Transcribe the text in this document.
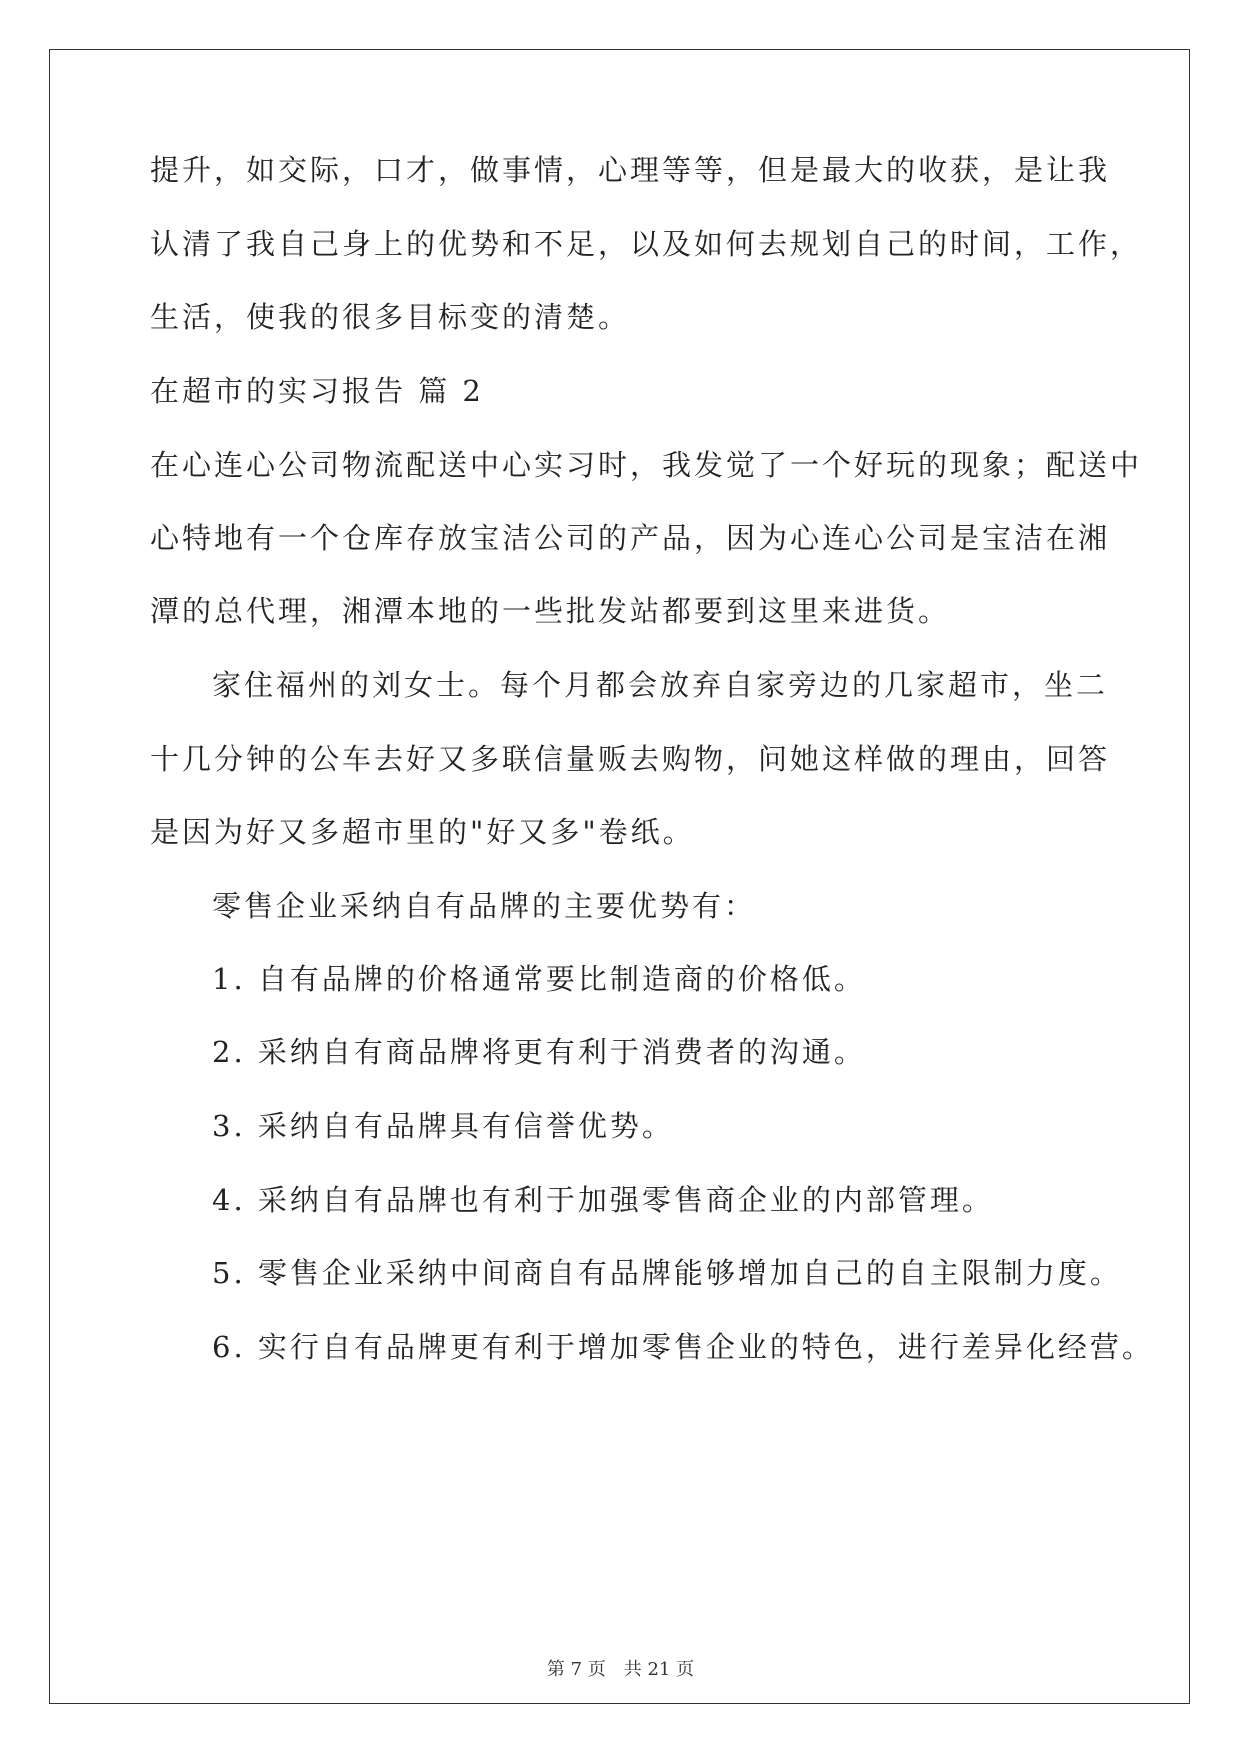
提升，如交际，口才，做事情，心理等等，但是最大的收获，是让我
认清了我自己身上的优势和不足，以及如何去规划自己的时间，工作，
生活，使我的很多目标变的清楚。
在超市的实习报告 篇 2
在心连心公司物流配送中心实习时，我发觉了一个好玩的现象；配送中
心特地有一个仓库存放宝洁公司的产品，因为心连心公司是宝洁在湘
潭的总代理，湘潭本地的一些批发站都要到这里来进货。
家住福州的刘女士。每个月都会放弃自家旁边的几家超市，坐二
十几分钟的公车去好又多联信量贩去购物，问她这样做的理由，回答
是因为好又多超市里的"好又多"卷纸。
零售企业采纳自有品牌的主要优势有：
1. 自有品牌的价格通常要比制造商的价格低。
2. 采纳自有商品牌将更有利于消费者的沟通。
3. 采纳自有品牌具有信誉优势。
4. 采纳自有品牌也有利于加强零售商企业的内部管理。
5. 零售企业采纳中间商自有品牌能够增加自己的自主限制力度。
6. 实行自有品牌更有利于增加零售企业的特色，进行差异化经营。
第 7 页　共 21 页
